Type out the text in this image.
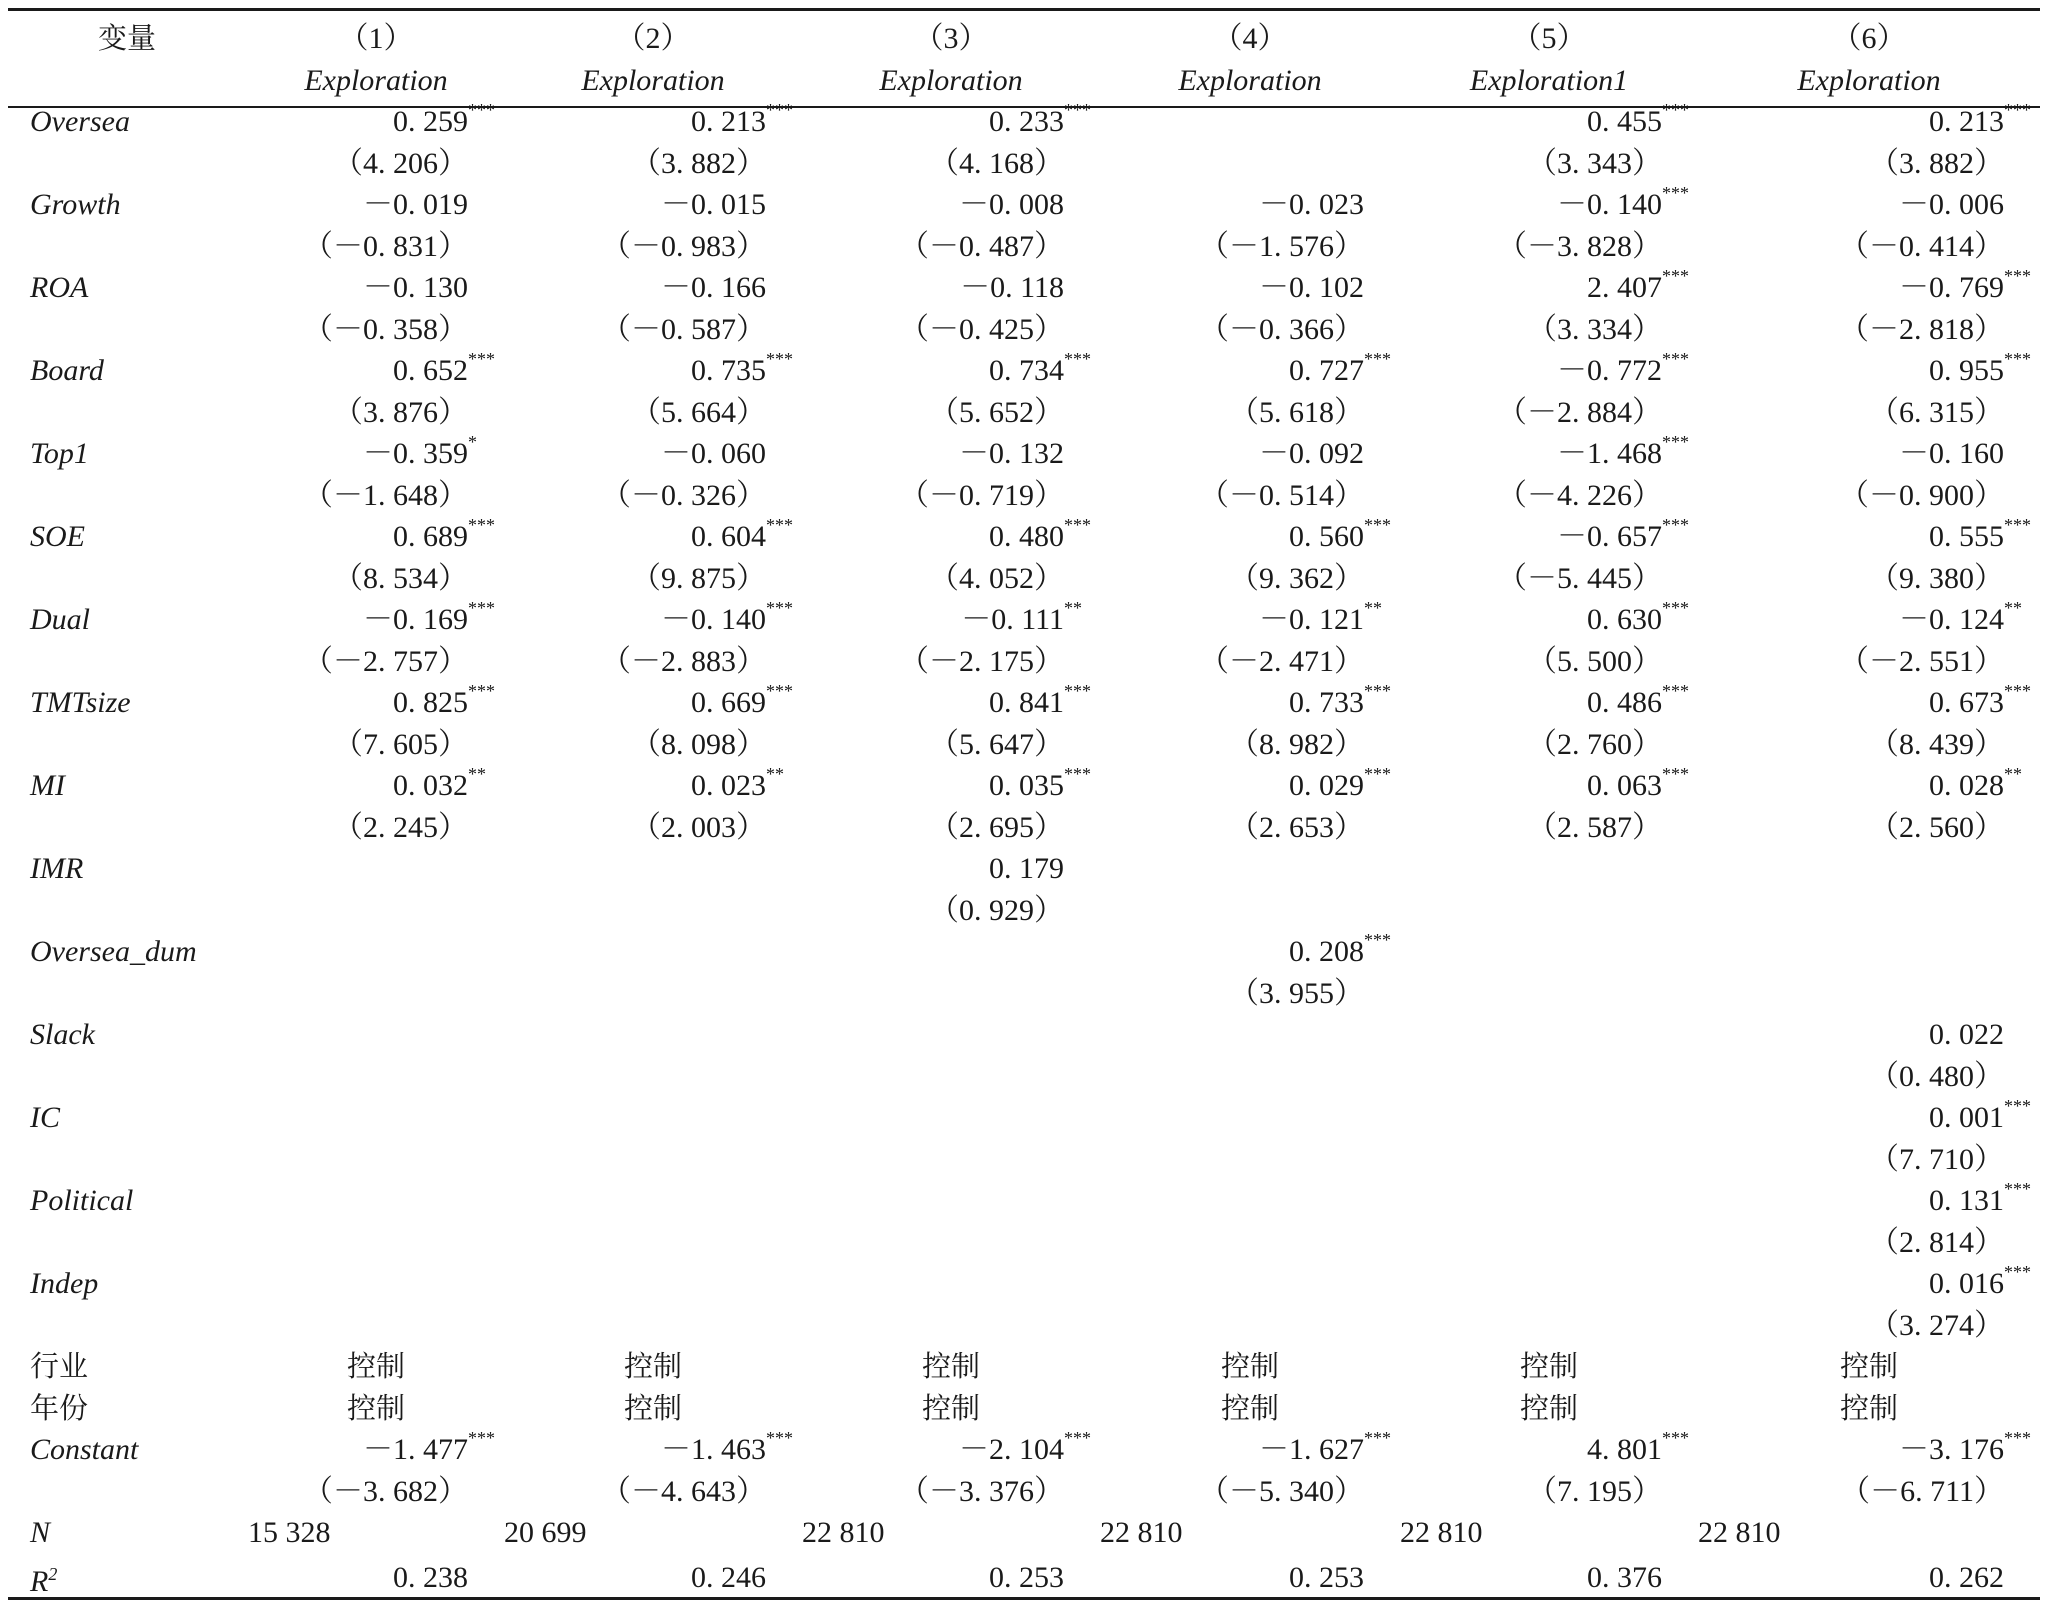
变量	（1）	（2）	（3）	（4）	（5）	（6）
	Exploration	Exploration	Exploration	Exploration	Exploration1	Exploration
Oversea	0. 259***	0. 213***	0. 233***		0. 455***	0. 213***
	（4. 206）	（3. 882）	（4. 168）		（3. 343）	（3. 882）
Growth	－0. 019	－0. 015	－0. 008	－0. 023	－0. 140***	－0. 006
	（－0. 831）	（－0. 983）	（－0. 487）	（－1. 576）	（－3. 828）	（－0. 414）
ROA	－0. 130	－0. 166	－0. 118	－0. 102	2. 407***	－0. 769***
	（－0. 358）	（－0. 587）	（－0. 425）	（－0. 366）	（3. 334）	（－2. 818）
Board	0. 652***	0. 735***	0. 734***	0. 727***	－0. 772***	0. 955***
	（3. 876）	（5. 664）	（5. 652）	（5. 618）	（－2. 884）	（6. 315）
Top1	－0. 359*	－0. 060	－0. 132	－0. 092	－1. 468***	－0. 160
	（－1. 648）	（－0. 326）	（－0. 719）	（－0. 514）	（－4. 226）	（－0. 900）
SOE	0. 689***	0. 604***	0. 480***	0. 560***	－0. 657***	0. 555***
	（8. 534）	（9. 875）	（4. 052）	（9. 362）	（－5. 445）	（9. 380）
Dual	－0. 169***	－0. 140***	－0. 111**	－0. 121**	0. 630***	－0. 124**
	（－2. 757）	（－2. 883）	（－2. 175）	（－2. 471）	（5. 500）	（－2. 551）
TMTsize	0. 825***	0. 669***	0. 841***	0. 733***	0. 486***	0. 673***
	（7. 605）	（8. 098）	（5. 647）	（8. 982）	（2. 760）	（8. 439）
MI	0. 032**	0. 023**	0. 035***	0. 029***	0. 063***	0. 028**
	（2. 245）	（2. 003）	（2. 695）	（2. 653）	（2. 587）	（2. 560）
IMR			0. 179			
			（0. 929）			
Oversea_dum				0. 208***		
				（3. 955）		
Slack						0. 022
						（0. 480）
IC						0. 001***
						（7. 710）
Political						0. 131***
						（2. 814）
Indep						0. 016***
						（3. 274）
行业	控制	控制	控制	控制	控制	控制
年份	控制	控制	控制	控制	控制	控制
Constant	－1. 477***	－1. 463***	－2. 104***	－1. 627***	4. 801***	－3. 176***
	（－3. 682）	（－4. 643）	（－3. 376）	（－5. 340）	（7. 195）	（－6. 711）
N	15 328	20 699	22 810	22 810	22 810	22 810
$R^2$	0. 238	0. 246	0. 253	0. 253	0. 376	0. 262
